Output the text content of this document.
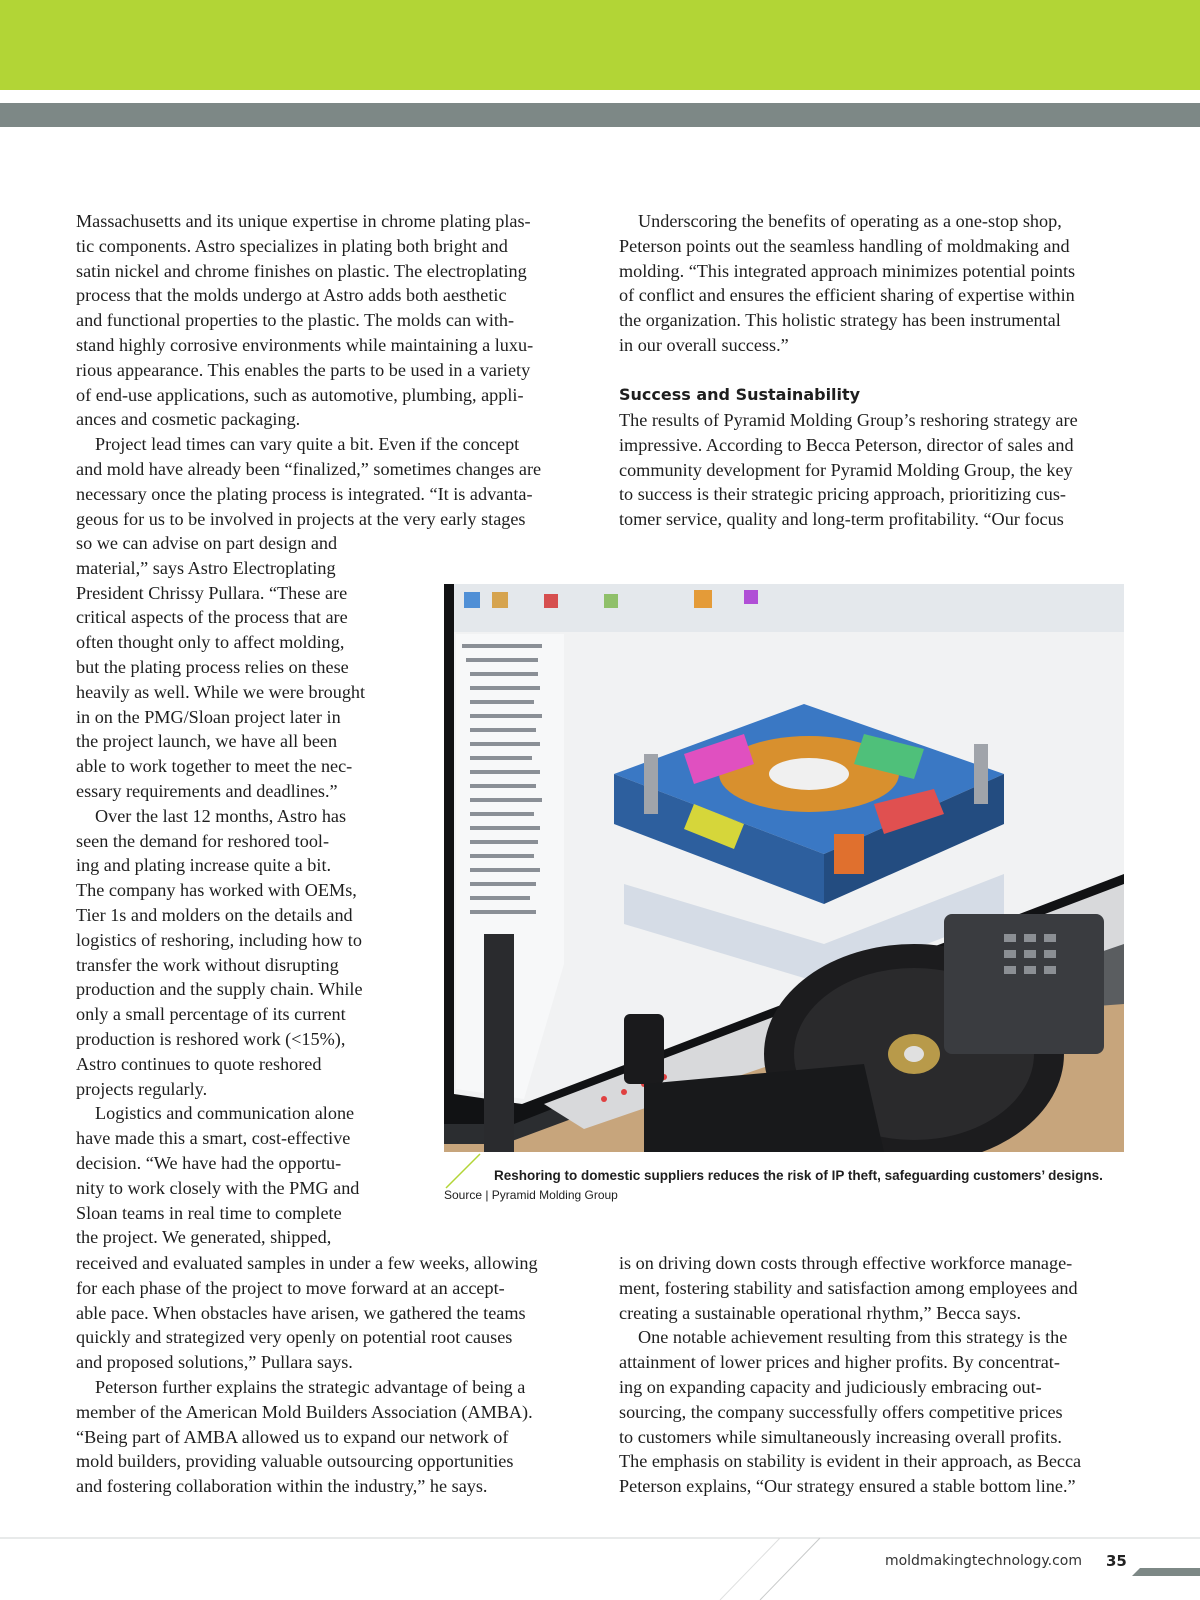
Massachusetts and its unique expertise in chrome plating plas-
tic components. Astro specializes in plating both bright and
satin nickel and chrome finishes on plastic. The electroplating
process that the molds undergo at Astro adds both aesthetic
and functional properties to the plastic. The molds can with-
stand highly corrosive environments while maintaining a luxu-
rious appearance. This enables the parts to be used in a variety
of end-use applications, such as automotive, plumbing, appli-
ances and cosmetic packaging.
Project lead times can vary quite a bit. Even if the concept
and mold have already been “finalized,” sometimes changes are
necessary once the plating process is integrated. “It is advanta-
geous for us to be involved in projects at the very early stages
so we can advise on part design and
material,” says Astro Electroplating
President Chrissy Pullara. “These are
critical aspects of the process that are
often thought only to affect molding,
but the plating process relies on these
heavily as well. While we were brought
in on the PMG/Sloan project later in
the project launch, we have all been
able to work together to meet the nec-
essary requirements and deadlines.”
Over the last 12 months, Astro has
seen the demand for reshored tool-
ing and plating increase quite a bit.
The company has worked with OEMs,
Tier 1s and molders on the details and
logistics of reshoring, including how to
transfer the work without disrupting
production and the supply chain. While
only a small percentage of its current
production is reshored work (<15%),
Astro continues to quote reshored
projects regularly.
Logistics and communication alone
have made this a smart, cost-effective
decision. “We have had the opportu-
nity to work closely with the PMG and
Sloan teams in real time to complete
the project. We generated, shipped,
received and evaluated samples in under a few weeks, allowing
for each phase of the project to move forward at an accept-
able pace. When obstacles have arisen, we gathered the teams
quickly and strategized very openly on potential root causes
and proposed solutions,” Pullara says.
Peterson further explains the strategic advantage of being a
member of the American Mold Builders Association (AMBA).
“Being part of AMBA allowed us to expand our network of
mold builders, providing valuable outsourcing opportunities
and fostering collaboration within the industry,” he says.
Underscoring the benefits of operating as a one-stop shop,
Peterson points out the seamless handling of moldmaking and
molding. “This integrated approach minimizes potential points
of conflict and ensures the efficient sharing of expertise within
the organization. This holistic strategy has been instrumental
in our overall success.”
Success and Sustainability
The results of Pyramid Molding Group’s reshoring strategy are
impressive. According to Becca Peterson, director of sales and
community development for Pyramid Molding Group, the key
to success is their strategic pricing approach, prioritizing cus-
tomer service, quality and long-term profitability. “Our focus
is on driving down costs through effective workforce manage-
ment, fostering stability and satisfaction among employees and
creating a sustainable operational rhythm,” Becca says.
One notable achievement resulting from this strategy is the
attainment of lower prices and higher profits. By concentrat-
ing on expanding capacity and judiciously embracing out-
sourcing, the company successfully offers competitive prices
to customers while simultaneously increasing overall profits.
The emphasis on stability is evident in their approach, as Becca
Peterson explains, “Our strategy ensured a stable bottom line.”
Reshoring to domestic suppliers reduces the risk of IP theft, safeguarding customers’ designs.
Source | Pyramid Molding Group
moldmakingtechnology.com 35
